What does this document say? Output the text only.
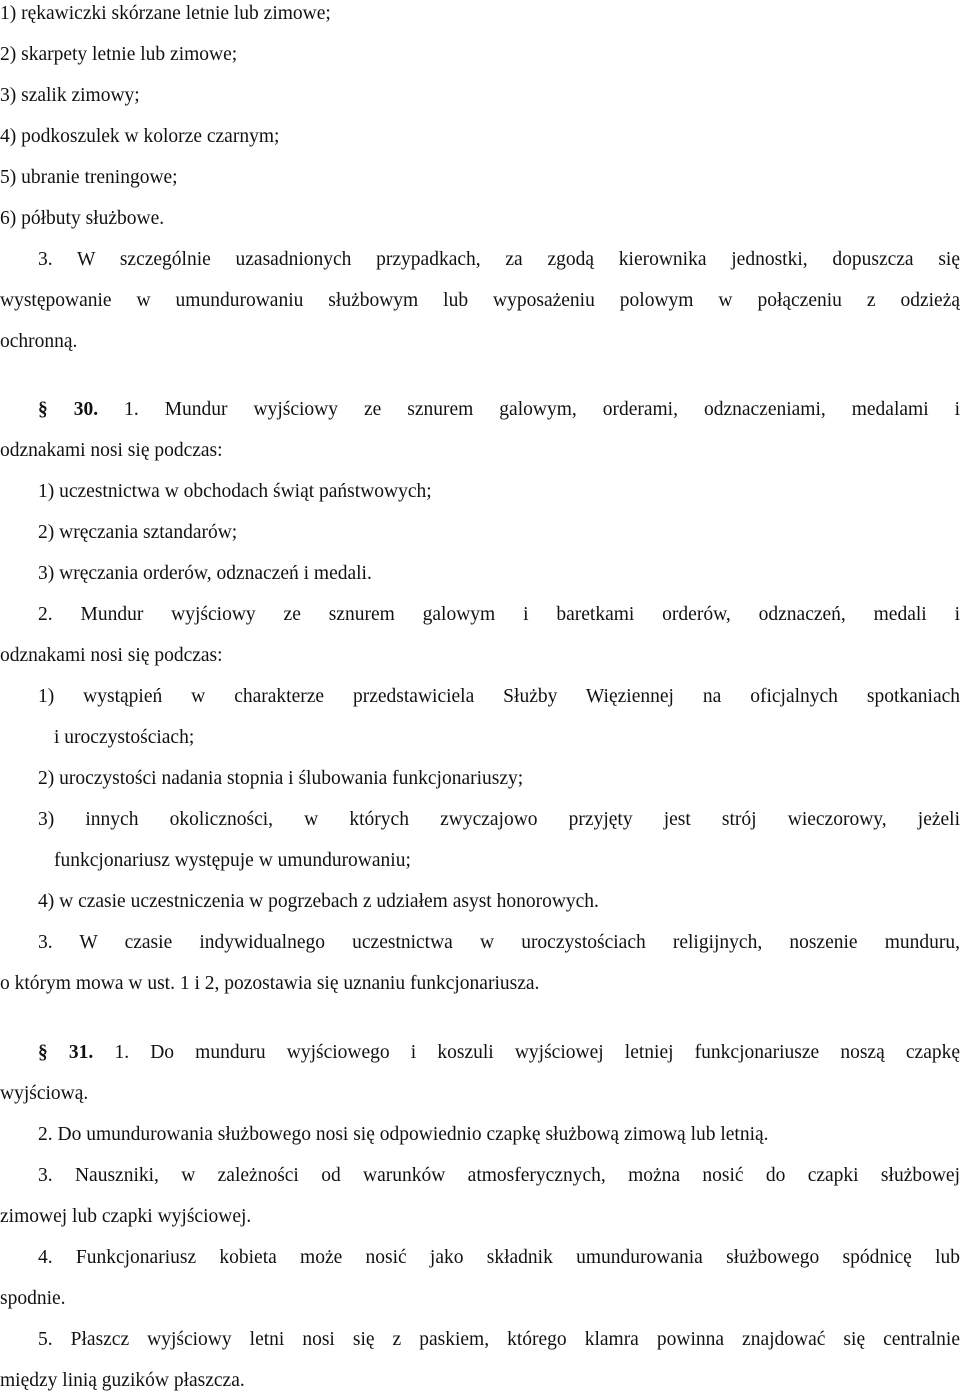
1) rękawiczki skórzane letnie lub zimowe;
2) skarpety letnie lub zimowe;
3) szalik zimowy;
4) podkoszulek w kolorze czarnym;
5) ubranie treningowe;
6) półbuty służbowe.
3. W szczególnie uzasadnionych przypadkach, za zgodą kierownika jednostki, dopuszcza się
występowanie w umundurowaniu służbowym lub wyposażeniu polowym w połączeniu z odzieżą
ochronną.
§ 30. 1. Mundur wyjściowy ze sznurem galowym, orderami, odznaczeniami, medalami i
odznakami nosi się podczas:
1) uczestnictwa w obchodach świąt państwowych;
2) wręczania sztandarów;
3) wręczania orderów, odznaczeń i medali.
2. Mundur wyjściowy ze sznurem galowym i baretkami orderów, odznaczeń, medali i
odznakami nosi się podczas:
1) wystąpień w charakterze przedstawiciela Służby Więziennej na oficjalnych spotkaniach
i uroczystościach;
2) uroczystości nadania stopnia i ślubowania funkcjonariuszy;
3) innych okoliczności, w których zwyczajowo przyjęty jest strój wieczorowy, jeżeli
funkcjonariusz występuje w umundurowaniu;
4) w czasie uczestniczenia w pogrzebach z udziałem asyst honorowych.
3. W czasie indywidualnego uczestnictwa w uroczystościach religijnych, noszenie munduru,
o którym mowa w ust. 1 i 2, pozostawia się uznaniu funkcjonariusza.
§ 31. 1. Do munduru wyjściowego i koszuli wyjściowej letniej funkcjonariusze noszą czapkę
wyjściową.
2. Do umundurowania służbowego nosi się odpowiednio czapkę służbową zimową lub letnią.
3. Nauszniki, w zależności od warunków atmosferycznych, można nosić do czapki służbowej
zimowej lub czapki wyjściowej.
4. Funkcjonariusz kobieta może nosić jako składnik umundurowania służbowego spódnicę lub
spodnie.
5. Płaszcz wyjściowy letni nosi się z paskiem, którego klamra powinna znajdować się centralnie
między linią guzików płaszcza.
